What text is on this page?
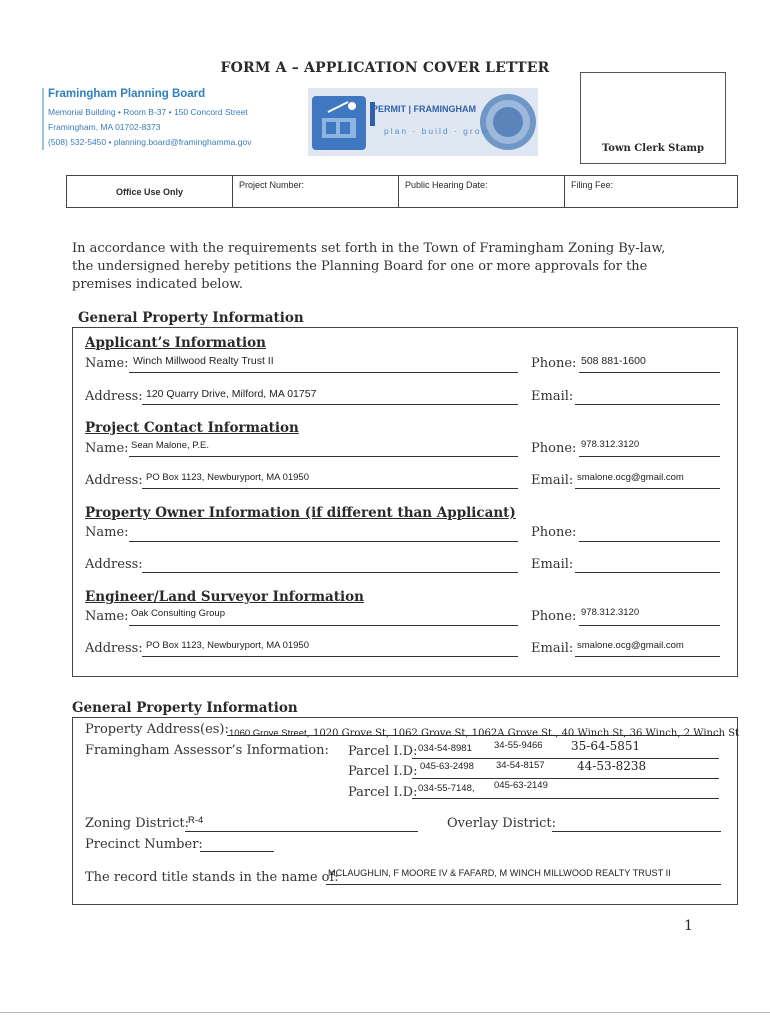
FORM A – APPLICATION COVER LETTER
Framingham Planning Board
Memorial Building • Room B-37 • 150 Concord Street
Framingham, MA 01702-8373
(508) 532-5450 • planning.board@framinghamma.gov
PERMIT | FRAMINGHAM
plan · build · grow
Town Clerk Stamp
Office Use Only
Project Number:	Public Hearing Date:	Filing Fee:
In accordance with the requirements set forth in the Town of Framingham Zoning By-law, the undersigned hereby petitions the Planning Board for one or more approvals for the premises indicated below.
General Property Information
Applicant’s Information
Name: Winch Millwood Realty Trust II	Phone: 508 881-1600
Address: 120 Quarry Drive, Milford, MA 01757	Email:
Project Contact Information
Name: Sean Malone, P.E.	Phone: 978.312.3120
Address: PO Box 1123, Newburyport, MA 01950	Email: smalone.ocg@gmail.com
Property Owner Information (if different than Applicant)
Name:	Phone:
Address:	Email:
Engineer/Land Surveyor Information
Name: Oak Consulting Group	Phone: 978.312.3120
Address: PO Box 1123, Newburyport, MA 01950	Email: smalone.ocg@gmail.com
General Property Information
Property Address(es): 1060 Grove Street, 1020 Grove St, 1062 Grove St, 1062A Grove St., 40 Winch St, 36 Winch, 2 Winch St
Framingham Assessor’s Information: Parcel I.D: 034-54-8981 34-55-9466 35-64-5851
Parcel I.D: 045-63-2498 34-54-8157	44-53-8238
Parcel I.D: 034-55-7148, 045-63-2149
Zoning District: R-4	Overlay District:
Precinct Number:
The record title stands in the name of:
MCLAUGHLIN, F MOORE IV & FAFARD, M WINCH MILLWOOD REALTY TRUST II
1
